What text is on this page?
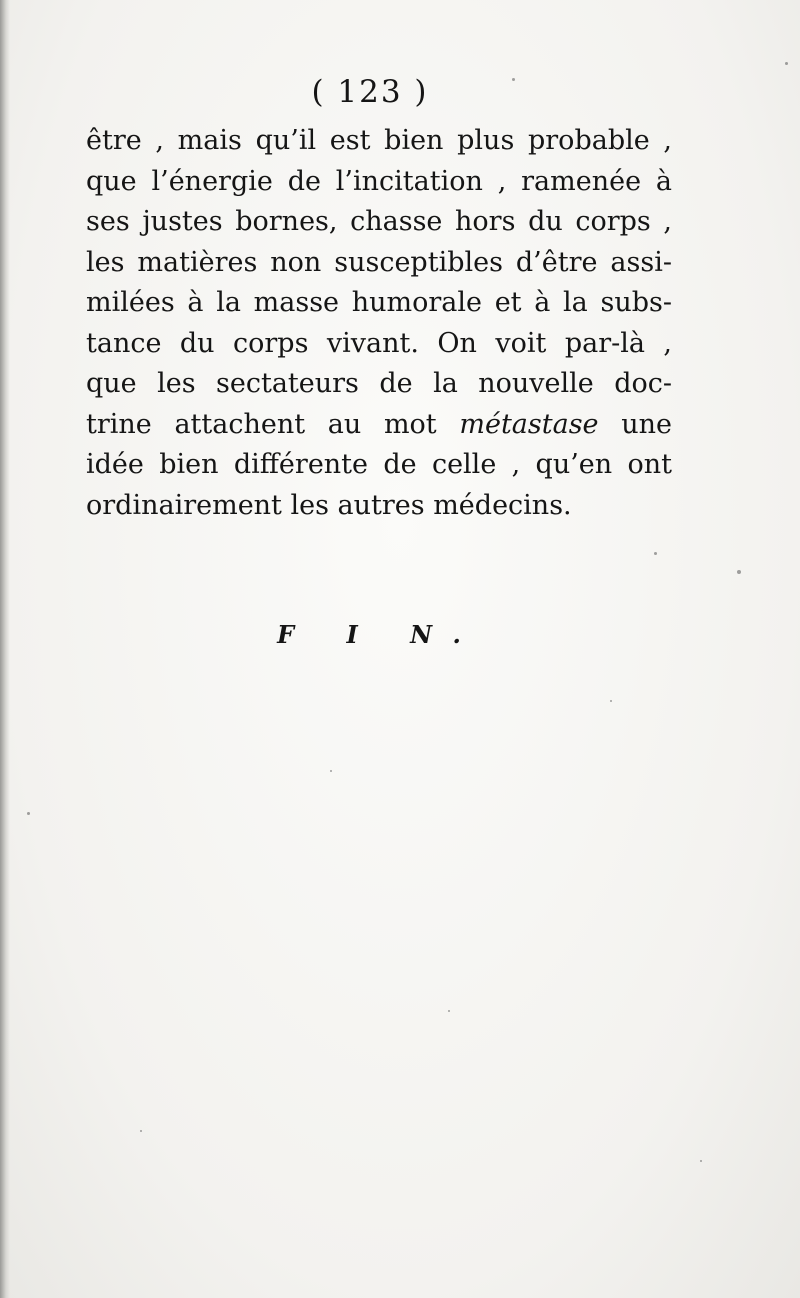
( 123 )
être , mais qu’il est bien plus probable ,
que l’énergie de l’incitation , ramenée à
ses justes bornes, chasse hors du corps ,
les matières non susceptibles d’être assi-
milées à la masse humorale et à la subs-
tance du corps vivant. On voit par-là ,
que les sectateurs de la nouvelle doc-
trine attachent au mot métastase une
idée bien différente de celle , qu’en ont
ordinairement les autres médecins.
F I N.
